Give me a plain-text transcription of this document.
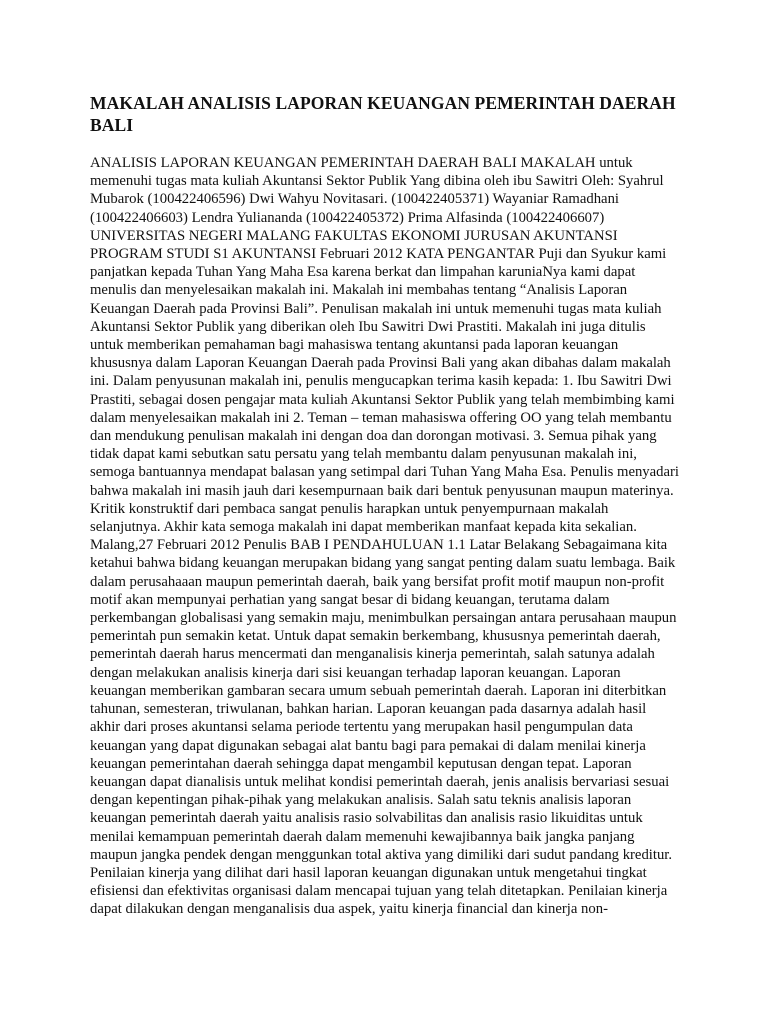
MAKALAH ANALISIS LAPORAN KEUANGAN PEMERINTAH DAERAH BALI

ANALISIS LAPORAN KEUANGAN PEMERINTAH DAERAH BALI MAKALAH untuk memenuhi tugas mata kuliah Akuntansi Sektor Publik Yang dibina oleh ibu Sawitri Oleh: Syahrul Mubarok (100422406596) Dwi Wahyu Novitasari. (100422405371) Wayaniar Ramadhani (100422406603) Lendra Yuliananda (100422405372) Prima Alfasinda (100422406607) UNIVERSITAS NEGERI MALANG FAKULTAS EKONOMI JURUSAN AKUNTANSI PROGRAM STUDI S1 AKUNTANSI Februari 2012 KATA PENGANTAR Puji dan Syukur kami panjatkan kepada Tuhan Yang Maha Esa karena berkat dan limpahan karuniaNya kami dapat menulis dan menyelesaikan makalah ini. Makalah ini membahas tentang “Analisis Laporan Keuangan Daerah pada Provinsi Bali”. Penulisan makalah ini untuk memenuhi tugas mata kuliah Akuntansi Sektor Publik yang diberikan oleh Ibu Sawitri Dwi Prastiti. Makalah ini juga ditulis untuk memberikan pemahaman bagi mahasiswa tentang akuntansi pada laporan keuangan khususnya dalam Laporan Keuangan Daerah pada Provinsi Bali yang akan dibahas dalam makalah ini. Dalam penyusunan makalah ini, penulis mengucapkan terima kasih kepada: 1. Ibu Sawitri Dwi Prastiti, sebagai dosen pengajar mata kuliah Akuntansi Sektor Publik yang telah membimbing kami dalam menyelesaikan makalah ini 2. Teman – teman mahasiswa offering OO yang telah membantu dan mendukung penulisan makalah ini dengan doa dan dorongan motivasi. 3. Semua pihak yang tidak dapat kami sebutkan satu persatu yang telah membantu dalam penyusunan makalah ini, semoga bantuannya mendapat balasan yang setimpal dari Tuhan Yang Maha Esa. Penulis menyadari bahwa makalah ini masih jauh dari kesempurnaan baik dari bentuk penyusunan maupun materinya. Kritik konstruktif dari pembaca sangat penulis harapkan untuk penyempurnaan makalah selanjutnya. Akhir kata semoga makalah ini dapat memberikan manfaat kepada kita sekalian. Malang,27 Februari 2012 Penulis BAB I PENDAHULUAN 1.1 Latar Belakang Sebagaimana kita ketahui bahwa bidang keuangan merupakan bidang yang sangat penting dalam suatu lembaga. Baik dalam perusahaaan maupun pemerintah daerah, baik yang bersifat profit motif maupun non-profit motif akan mempunyai perhatian yang sangat besar di bidang keuangan, terutama dalam perkembangan globalisasi yang semakin maju, menimbulkan persaingan antara perusahaan maupun pemerintah pun semakin ketat. Untuk dapat semakin berkembang, khususnya pemerintah daerah, pemerintah daerah harus mencermati dan menganalisis kinerja pemerintah, salah satunya adalah dengan melakukan analisis kinerja dari sisi keuangan terhadap laporan keuangan. Laporan keuangan memberikan gambaran secara umum sebuah pemerintah daerah. Laporan ini diterbitkan tahunan, semesteran, triwulanan, bahkan harian. Laporan keuangan pada dasarnya adalah hasil akhir dari proses akuntansi selama periode tertentu yang merupakan hasil pengumpulan data keuangan yang dapat digunakan sebagai alat bantu bagi para pemakai di dalam menilai kinerja keuangan pemerintahan daerah sehingga dapat mengambil keputusan dengan tepat. Laporan keuangan dapat dianalisis untuk melihat kondisi pemerintah daerah, jenis analisis bervariasi sesuai dengan kepentingan pihak-pihak yang melakukan analisis. Salah satu teknis analisis laporan keuangan pemerintah daerah yaitu analisis rasio solvabilitas dan analisis rasio likuiditas untuk menilai kemampuan pemerintah daerah dalam memenuhi kewajibannya baik jangka panjang maupun jangka pendek dengan menggunkan total aktiva yang dimiliki dari sudut pandang kreditur. Penilaian kinerja yang dilihat dari hasil laporan keuangan digunakan untuk mengetahui tingkat efisiensi dan efektivitas organisasi dalam mencapai tujuan yang telah ditetapkan. Penilaian kinerja dapat dilakukan dengan menganalisis dua aspek, yaitu kinerja financial dan kinerja non-
